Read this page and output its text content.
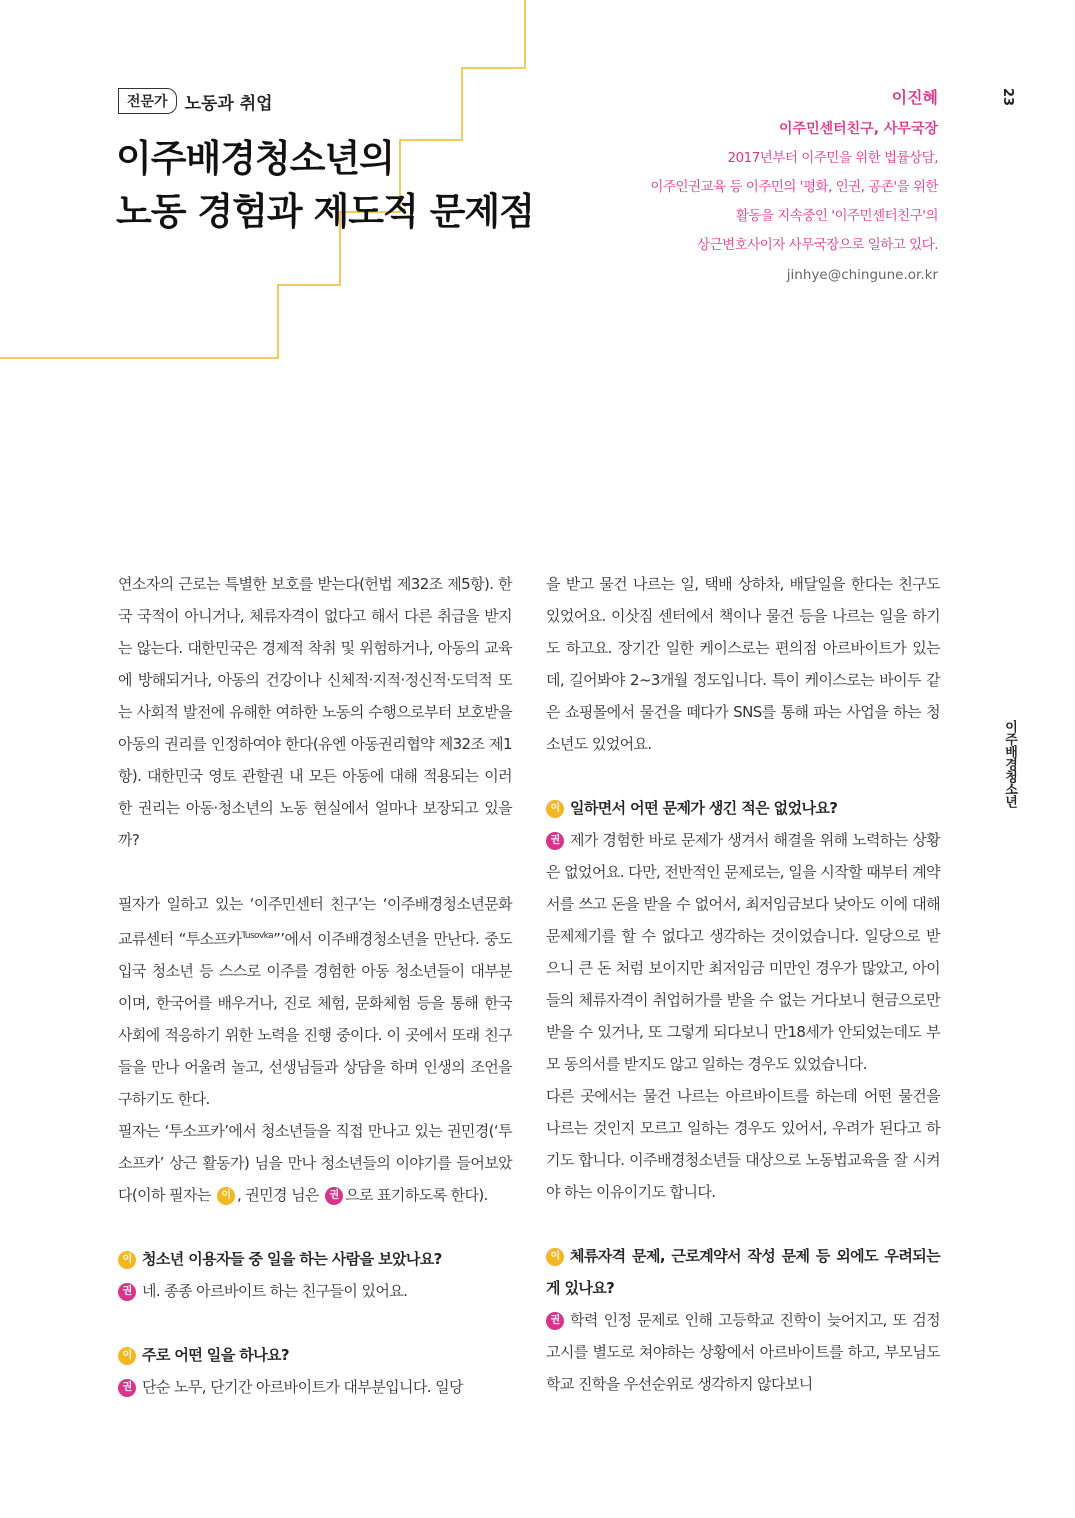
전문가	노동과 취업
이주배경청소년의
노동 경험과 제도적 문제점
이진혜
이주민센터친구, 사무국장
2017년부터 이주민을 위한 법률상담,
이주인권교육 등 이주민의 '평화, 인권, 공존'을 위한
활동을 지속중인 '이주민센터친구'의
상근변호사이자 사무국장으로 일하고 있다.
jinhye@chingune.or.kr
23
이주배경청소년

연소자의 근로는 특별한 보호를 받는다(헌법 제32조 제5항). 한국 국적이 아니거나, 체류자격이 없다고 해서 다른 취급을 받지는 않는다. 대한민국은 경제적 착취 및 위험하거나, 아동의 교육에 방해되거나, 아동의 건강이나 신체적·지적·정신적·도덕적 또는 사회적 발전에 유해한 여하한 노동의 수행으로부터 보호받을 아동의 권리를 인정하여야 한다(유엔 아동권리협약 제32조 제1항). 대한민국 영토 관할권 내 모든 아동에 대해 적용되는 이러한 권리는 아동·청소년의 노동 현실에서 얼마나 보장되고 있을까?

필자가 일하고 있는 ‘이주민센터 친구’는 ‘이주배경청소년문화교류센터 “투소프카$^{Tusovka}$”’에서 이주배경청소년을 만난다. 중도입국 청소년 등 스스로 이주를 경험한 아동 청소년들이 대부분이며, 한국어를 배우거나, 진로 체험, 문화체험 등을 통해 한국 사회에 적응하기 위한 노력을 진행 중이다. 이 곳에서 또래 친구들을 만나 어울려 놀고, 선생님들과 상담을 하며 인생의 조언을 구하기도 한다.

필자는 ‘투소프카’에서 청소년들을 직접 만나고 있는 권민경(‘투소프카’ 상근 활동가) 님을 만나 청소년들의 이야기를 들어보았다(이하 필자는 이 , 권민경 님은 권 으로 표기하도록 한다).

이 청소년 이용자들 중 일을 하는 사람을 보았나요?

권 네. 종종 아르바이트 하는 친구들이 있어요.

이 주로 어떤 일을 하나요?

권 단순 노무, 단기간 아르바이트가 대부분입니다. 일당

을 받고 물건 나르는 일, 택배 상하차, 배달일을 한다는 친구도 있었어요. 이삿짐 센터에서 책이나 물건 등을 나르는 일을 하기도 하고요. 장기간 일한 케이스로는 편의점 아르바이트가 있는데, 길어봐야 2~3개월 정도입니다. 특이 케이스로는 바이두 같은 쇼핑몰에서 물건을 떼다가 SNS를 통해 파는 사업을 하는 청소년도 있었어요.

이 일하면서 어떤 문제가 생긴 적은 없었나요?

권 제가 경험한 바로 문제가 생겨서 해결을 위해 노력하는 상황은 없었어요. 다만, 전반적인 문제로는, 일을 시작할 때부터 계약서를 쓰고 돈을 받을 수 없어서, 최저임금보다 낮아도 이에 대해 문제제기를 할 수 없다고 생각하는 것이었습니다. 일당으로 받으니 큰 돈 처럼 보이지만 최저임금 미만인 경우가 많았고, 아이들의 체류자격이 취업허가를 받을 수 없는 거다보니 현금으로만 받을 수 있거나, 또 그렇게 되다보니 만18세가 안되었는데도 부모 동의서를 받지도 않고 일하는 경우도 있었습니다.

다른 곳에서는 물건 나르는 아르바이트를 하는데 어떤 물건을 나르는 것인지 모르고 일하는 경우도 있어서, 우려가 된다고 하기도 합니다. 이주배경청소년들 대상으로 노동법교육을 잘 시켜야 하는 이유이기도 합니다.

이 체류자격 문제, 근로계약서 작성 문제 등 외에도 우려되는 게 있나요?

권 학력 인정 문제로 인해 고등학교 진학이 늦어지고, 또 검정고시를 별도로 쳐야하는 상황에서 아르바이트를 하고, 부모님도 학교 진학을 우선순위로 생각하지 않다보니
